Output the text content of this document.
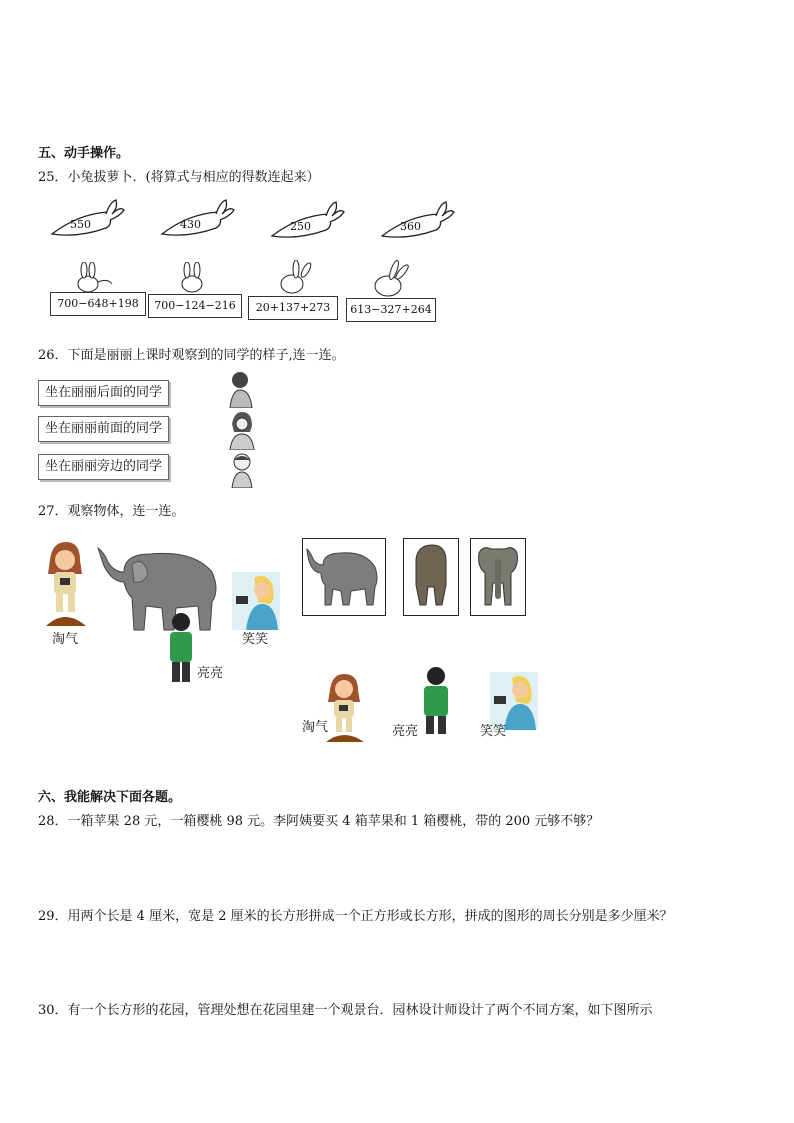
五、动手操作。
25．小兔拔萝卜．(将算式与相应的得数连起来）
550	430	250	360
700−648+198	700−124−216	20+137+273	613−327+264
26．下面是丽丽上课时观察到的同学的样子,连一连。
坐在丽丽后面的同学
坐在丽丽前面的同学
坐在丽丽旁边的同学
27．观察物体，连一连。
淘气
亮亮
笑笑
淘气	亮亮	笑笑
六、我能解决下面各题。
28．一箱苹果 28 元，一箱樱桃 98 元。李阿姨要买 4 箱苹果和 1 箱樱桃，带的 200 元够不够？
29．用两个长是 4 厘米，宽是 2 厘米的长方形拼成一个正方形或长方形，拼成的图形的周长分别是多少厘米？
30．有一个长方形的花园，管理处想在花园里建一个观景台．园林设计师设计了两个不同方案，如下图所示
